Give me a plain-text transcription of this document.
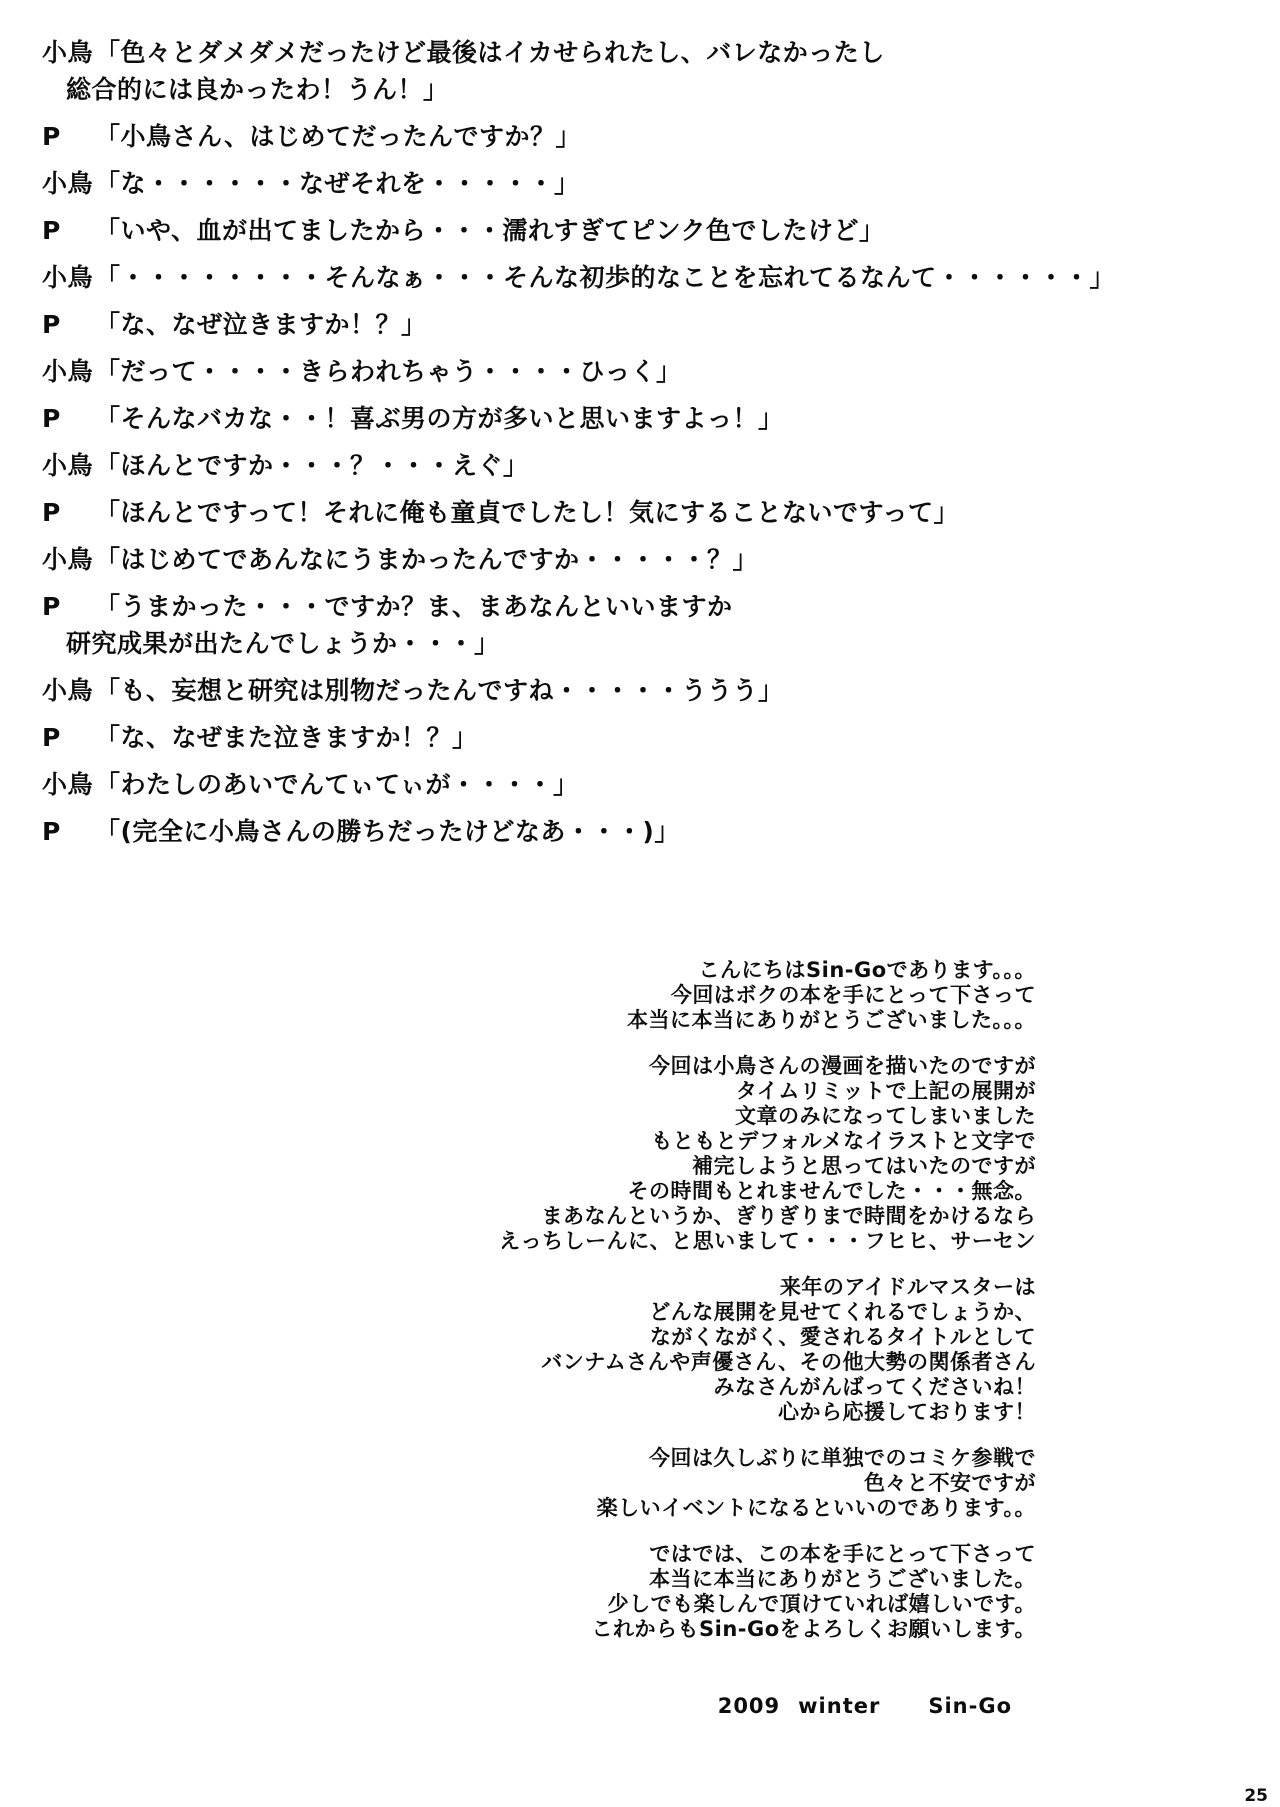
小鳥「色々とダメダメだったけど最後はイカせられたし、バレなかったし
総合的には良かったわ！うん！」
P 「小鳥さん、はじめてだったんですか？」
小鳥「な・・・・・・なぜそれを・・・・・」
P 「いや、血が出てましたから・・・濡れすぎてピンク色でしたけど」
小鳥「・・・・・・・・そんなぁ・・・そんな初歩的なことを忘れてるなんて・・・・・・」
P 「な、なぜ泣きますか！？」
小鳥「だって・・・・きらわれちゃう・・・・ひっく」
P 「そんなバカな・・！喜ぶ男の方が多いと思いますよっ！」
小鳥「ほんとですか・・・？・・・えぐ」
P 「ほんとですって！それに俺も童貞でしたし！気にすることないですって」
小鳥「はじめてであんなにうまかったんですか・・・・・？」
P 「うまかった・・・ですか？ま、まあなんといいますか
研究成果が出たんでしょうか・・・」
小鳥「も、妄想と研究は別物だったんですね・・・・・ううう」
P 「な、なぜまた泣きますか！？」
小鳥「わたしのあいでんてぃてぃが・・・・」
P 「(完全に小鳥さんの勝ちだったけどなあ・・・)」
こんにちはSin-Goであります。。。
今回はボクの本を手にとって下さって
本当に本当にありがとうございました。。。
今回は小鳥さんの漫画を描いたのですが
タイムリミットで上記の展開が
文章のみになってしまいました
もともとデフォルメなイラストと文字で
補完しようと思ってはいたのですが
その時間もとれませんでした・・・無念。
まあなんというか、ぎりぎりまで時間をかけるなら
えっちしーんに、と思いまして・・・フヒヒ、サーセン
来年のアイドルマスターは
どんな展開を見せてくれるでしょうか、
ながくながく、愛されるタイトルとして
バンナムさんや声優さん、その他大勢の関係者さん
みなさんがんばってくださいね！
心から応援しております！
今回は久しぶりに単独でのコミケ参戦で
色々と不安ですが
楽しいイベントになるといいのであります。。
ではでは、この本を手にとって下さって
本当に本当にありがとうございました。
少しでも楽しんで頂けていれば嬉しいです。
これからもSin-Goをよろしくお願いします。
2009 winter Sin-Go
25
